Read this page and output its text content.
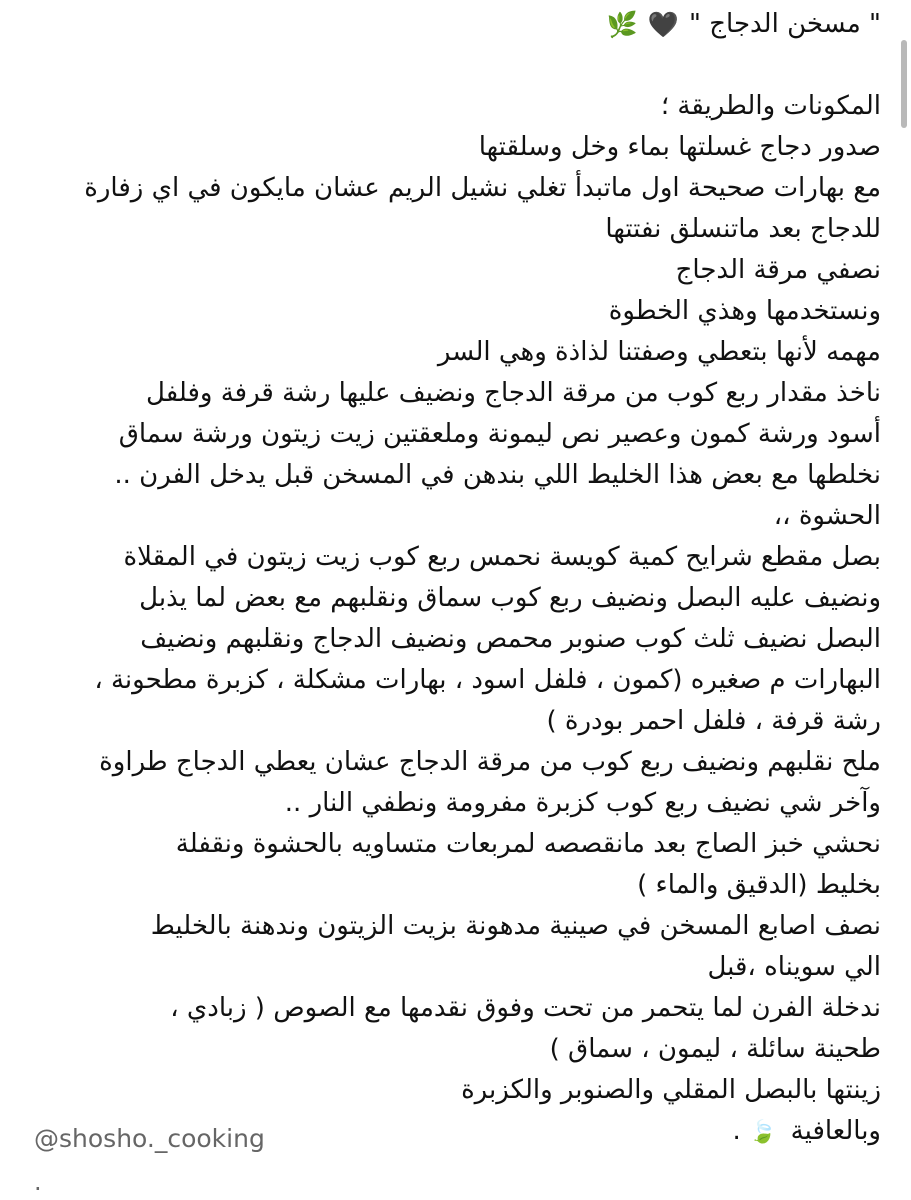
" مسخن الدجاج "
🖤
🌿
المكونات والطريقة ؛
صدور دجاج غسلتها بماء وخل وسلقتها
مع بهارات صحيحة اول ماتبدأ تغلي نشيل الريم عشان مايكون في اي زفارة
للدجاج بعد ماتنسلق نفتتها
نصفي مرقة الدجاج
ونستخدمها وهذي الخطوة
مهمه لأنها بتعطي وصفتنا لذاذة وهي السر
ناخذ مقدار ربع كوب من مرقة الدجاج ونضيف عليها رشة قرفة وفلفل
أسود ورشة كمون وعصير نص ليمونة وملعقتين زيت زيتون ورشة سماق
نخلطها مع بعض هذا الخليط اللي بندهن في المسخن قبل يدخل الفرن ..
الحشوة ،،
بصل مقطع شرايح كمية كويسة نحمس ربع كوب زيت زيتون في المقلاة
ونضيف عليه البصل ونضيف ربع كوب سماق ونقلبهم مع بعض لما يذبل
البصل نضيف ثلث كوب صنوبر محمص ونضيف الدجاج ونقلبهم ونضيف
البهارات م صغيره (كمون ، فلفل اسود ، بهارات مشكلة ، كزبرة مطحونة ،
رشة قرفة ، فلفل احمر بودرة )
ملح نقلبهم ونضيف ربع كوب من مرقة الدجاج عشان يعطي الدجاج طراوة
وآخر شي نضيف ربع كوب كزبرة مفرومة ونطفي النار ..
نحشي خبز الصاج بعد مانقصصه لمربعات متساويه بالحشوة ونقفلة
بخليط (الدقيق والماء )
نصف اصابع المسخن في صينية مدهونة بزيت الزيتون وندهنة بالخليط
الي سويناه ،قبل
ندخلة الفرن لما يتحمر من تحت وفوق نقدمها مع الصوص ( زبادي ،
طحينة سائلة ، ليمون ، سماق )
زينتها بالبصل المقلي والصنوبر والكزبرة
وبالعافية 🍃 .
@shosho._cooking
.
